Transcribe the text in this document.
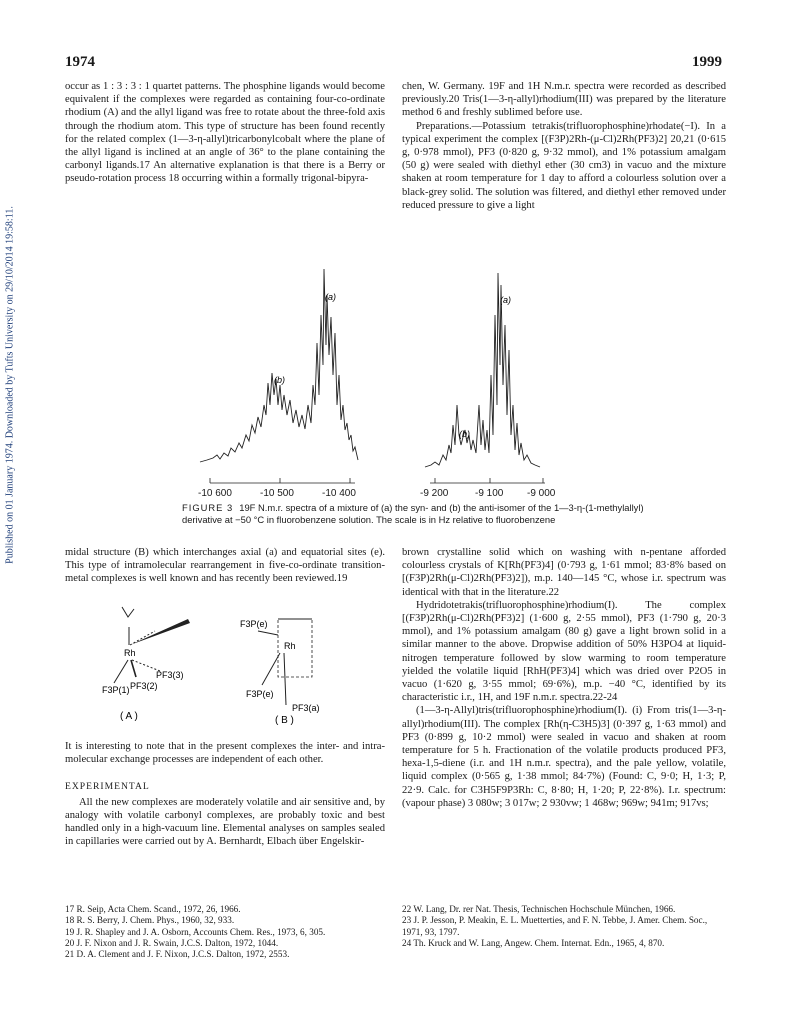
1974	1999
Published on 01 January 1974. Downloaded by Tufts University on 29/10/2014 19:58:11.

occur as 1 : 3 : 3 : 1 quartet patterns. The phosphine ligands would become equivalent if the complexes were regarded as containing four-co-ordinate rhodium (A) and the allyl ligand was free to rotate about the three-fold axis through the rhodium atom. This type of structure has been found recently for the related complex (1—3-η-allyl)tricarbonylcobalt where the plane of the allyl ligand is inclined at an angle of 36° to the plane containing the carbonyl ligands.17 An alternative explanation is that there is a Berry or pseudo-rotation process 18 occurring within a formally trigonal-bipyra-

chen, W. Germany. 19F and 1H N.m.r. spectra were recorded as described previously.20 Tris(1—3-η-allyl)rhodium(III) was prepared by the literature method 6 and freshly sublimed before use.

Preparations.—Potassium tetrakis(trifluorophosphine)rhodate(−I). In a typical experiment the complex [(F3P)2Rh-(μ-Cl)2Rh(PF3)2] 20,21 (0·615 g, 0·978 mmol), PF3 (0·820 g, 9·32 mmol), and 1% potassium amalgam (50 g) were sealed with diethyl ether (30 cm3) in vacuo and the mixture shaken at room temperature for 1 day to afford a colourless solution over a black-grey solid. The solution was filtered, and diethyl ether removed under reduced pressure to give a light

(a)
(b)
(a)
(b)
-10 600	-10 500	-10 400	-9 200	-9 100 -9 000
FIGURE 3 19F N.m.r. spectra of a mixture of (a) the syn- and (b) the anti-isomer of the 1—3-η-(1-methylallyl) derivative at −50 °C in fluorobenzene solution. The scale is in Hz relative to fluorobenzene

midal structure (B) which interchanges axial (a) and equatorial sites (e). This type of intramolecular rearrangement in five-co-ordinate transition-metal complexes is well known and has recently been reviewed.19

Rh
F3P(1)
PF3(3)
PF3(2)
( A )
F3P(e)
Rh
F3P(e)
PF3(a)
( B )

It is interesting to note that in the present complexes the inter- and intra-molecular exchange processes are independent of each other.

EXPERIMENTAL

All the new complexes are moderately volatile and air sensitive and, by analogy with volatile carbonyl complexes, are probably toxic and best handled only in a high-vacuum line. Elemental analyses on samples sealed in capillaries were carried out by A. Bernhardt, Elbach über Engelskir-

brown crystalline solid which on washing with n-pentane afforded colourless crystals of K[Rh(PF3)4] (0·793 g, 1·61 mmol; 83·8% based on [(F3P)2Rh(μ-Cl)2Rh(PF3)2]), m.p. 140—145 °C, whose i.r. spectrum was identical with that in the literature.22

Hydridotetrakis(trifluorophosphine)rhodium(I). The complex [(F3P)2Rh(μ-Cl)2Rh(PF3)2] (1·600 g, 2·55 mmol), PF3 (1·790 g, 20·3 mmol), and 1% potassium amalgam (80 g) gave a light brown solid in a similar manner to the above. Dropwise addition of 50% H3PO4 at liquid-nitrogen temperature followed by slow warming to room temperature yielded the volatile liquid [RhH(PF3)4] which was dried over P2O5 in vacuo (1·620 g, 3·55 mmol; 69·6%), m.p. −40 °C, identified by its characteristic i.r., 1H, and 19F n.m.r. spectra.22-24

(1—3-η-Allyl)tris(trifluorophosphine)rhodium(I). (i) From tris(1—3-η-allyl)rhodium(III). The complex [Rh(η-C3H5)3] (0·397 g, 1·63 mmol) and PF3 (0·899 g, 10·2 mmol) were sealed in vacuo and shaken at room temperature for 5 h. Fractionation of the volatile products produced PF3, hexa-1,5-diene (i.r. and 1H n.m.r. spectra), and the pale yellow, volatile, liquid complex (0·565 g, 1·38 mmol; 84·7%) (Found: C, 9·0; H, 1·3; P, 22·9. Calc. for C3H5F9P3Rh: C, 8·80; H, 1·20; P, 22·8%). I.r. spectrum: (vapour phase) 3 080w; 3 017w; 2 930vw; 1 468w; 969w; 941m; 917vs;

17 R. Seip, Acta Chem. Scand., 1972, 26, 1966.

18 R. S. Berry, J. Chem. Phys., 1960, 32, 933.

19 J. R. Shapley and J. A. Osborn, Accounts Chem. Res., 1973, 6, 305.

20 J. F. Nixon and J. R. Swain, J.C.S. Dalton, 1972, 1044.

21 D. A. Clement and J. F. Nixon, J.C.S. Dalton, 1972, 2553.

22 W. Lang, Dr. rer Nat. Thesis, Technischen Hochschule München, 1966.

23 J. P. Jesson, P. Meakin, E. L. Muetterties, and F. N. Tebbe, J. Amer. Chem. Soc., 1971, 93, 1797.

24 Th. Kruck and W. Lang, Angew. Chem. Internat. Edn., 1965, 4, 870.
